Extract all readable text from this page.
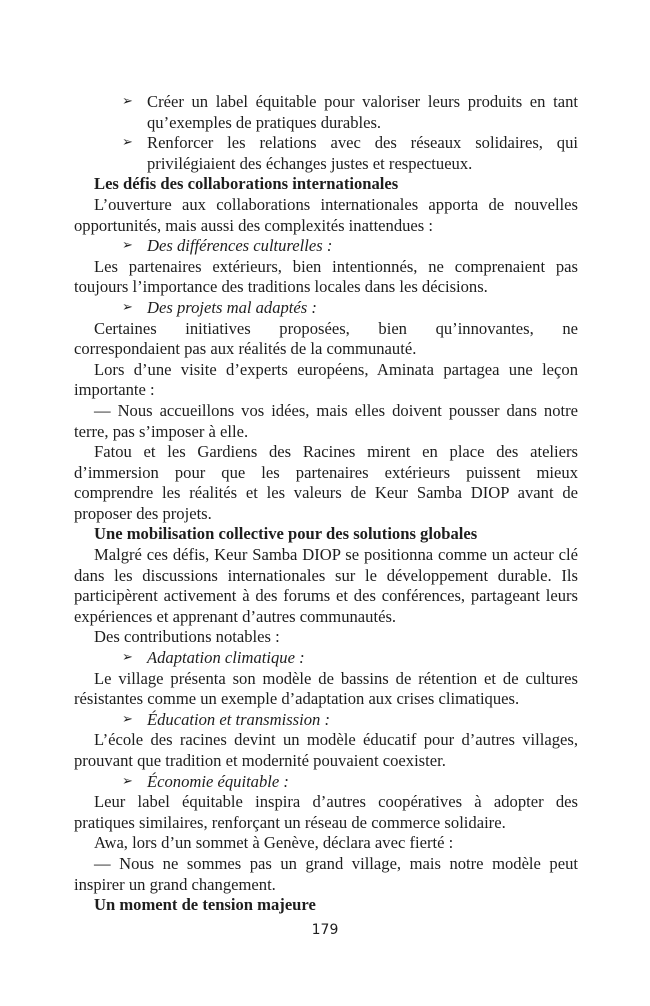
➢ Créer un label équitable pour valoriser leurs produits en tant qu’exemples de pratiques durables.

➢ Renforcer les relations avec des réseaux solidaires, qui privilégiaient des échanges justes et respectueux.

Les défis des collaborations internationales

L’ouverture aux collaborations internationales apporta de nouvelles opportunités, mais aussi des complexités inattendues :

➢ Des différences culturelles :

Les partenaires extérieurs, bien intentionnés, ne comprenaient pas toujours l’importance des traditions locales dans les décisions.

➢ Des projets mal adaptés :

Certaines initiatives proposées, bien qu’innovantes, ne

correspondaient pas aux réalités de la communauté.

Lors d’une visite d’experts européens, Aminata partagea une leçon importante :

— Nous accueillons vos idées, mais elles doivent pousser dans notre terre, pas s’imposer à elle.

Fatou et les Gardiens des Racines mirent en place des ateliers d’immersion pour que les partenaires extérieurs puissent mieux comprendre les réalités et les valeurs de Keur Samba DIOP avant de proposer des projets.

Une mobilisation collective pour des solutions globales

Malgré ces défis, Keur Samba DIOP se positionna comme un acteur clé dans les discussions internationales sur le développement durable. Ils participèrent activement à des forums et des conférences, partageant leurs expériences et apprenant d’autres communautés.

Des contributions notables :

➢ Adaptation climatique :

Le village présenta son modèle de bassins de rétention et de cultures résistantes comme un exemple d’adaptation aux crises climatiques.

➢ Éducation et transmission :

L’école des racines devint un modèle éducatif pour d’autres villages, prouvant que tradition et modernité pouvaient coexister.

➢ Économie équitable :

Leur label équitable inspira d’autres coopératives à adopter des pratiques similaires, renforçant un réseau de commerce solidaire.

Awa, lors d’un sommet à Genève, déclara avec fierté :

— Nous ne sommes pas un grand village, mais notre modèle peut inspirer un grand changement.

Un moment de tension majeure

179
